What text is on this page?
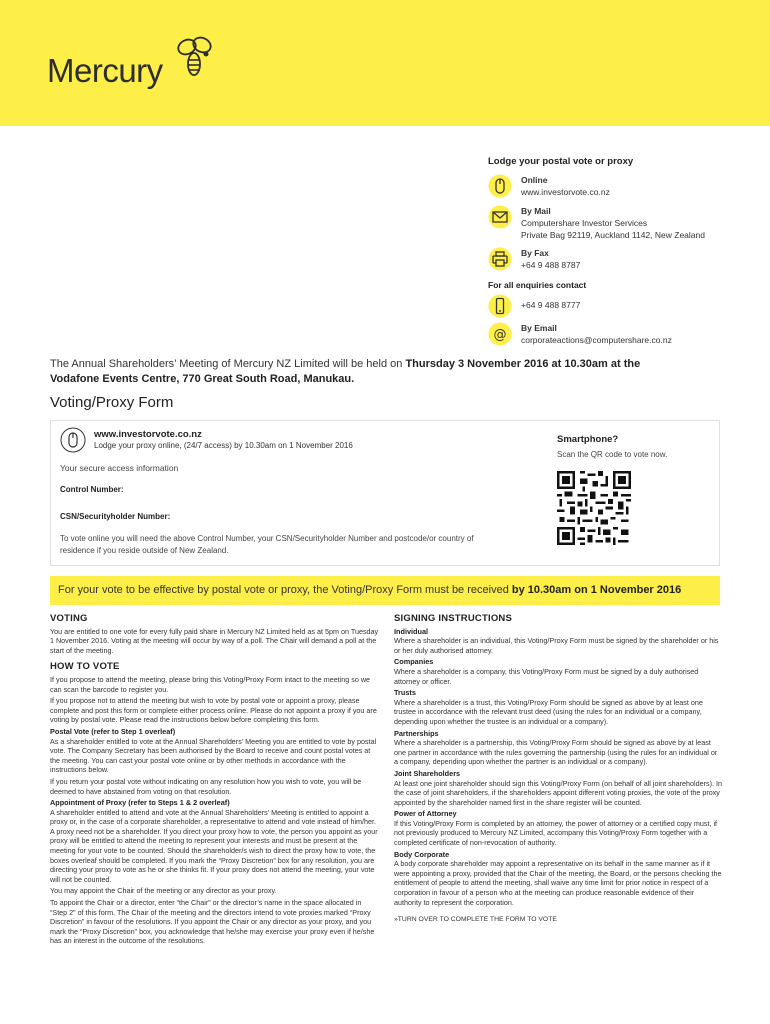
Mercury
Lodge your postal vote or proxy
Online
www.investorvote.co.nz
By Mail
Computershare Investor Services
Private Bag 92119, Auckland 1142, New Zealand
By Fax
+64 9 488 8787
For all enquiries contact
+64 9 488 8777
@ By Email
corporateactions@computershare.co.nz
The Annual Shareholders’ Meeting of Mercury NZ Limited will be held on Thursday 3 November 2016 at 10.30am at the Vodafone Events Centre, 770 Great South Road, Manukau.
Voting/Proxy Form
www.investorvote.co.nz
Lodge your proxy online, (24/7 access) by 10.30am on 1 November 2016
Your secure access information
Control Number:
CSN/Securityholder Number:
To vote online you will need the above Control Number, your CSN/Securityholder Number and postcode/or country of residence if you reside outside of New Zealand.
Smartphone?
Scan the QR code to vote now.
For your vote to be effective by postal vote or proxy, the Voting/Proxy Form must be received by 10.30am on 1 November 2016
VOTING

You are entitled to one vote for every fully paid share in Mercury NZ Limited held as at 5pm on Tuesday 1 November 2016. Voting at the meeting will occur by way of a poll. The Chair will demand a poll at the start of the meeting.

HOW TO VOTE

If you propose to attend the meeting, please bring this Voting/Proxy Form intact to the meeting so we can scan the barcode to register you.

If you propose not to attend the meeting but wish to vote by postal vote or appoint a proxy, please complete and post this form or complete either process online. Please do not appoint a proxy if you are voting by postal vote. Please read the instructions below before completing this form.

Postal Vote (refer to Step 1 overleaf)

As a shareholder entitled to vote at the Annual Shareholders’ Meeting you are entitled to vote by postal vote. The Company Secretary has been authorised by the Board to receive and count postal votes at the meeting. You can cast your postal vote online or by other methods in accordance with the instructions below.

If you return your postal vote without indicating on any resolution how you wish to vote, you will be deemed to have abstained from voting on that resolution.

Appointment of Proxy (refer to Steps 1 & 2 overleaf)

A shareholder entitled to attend and vote at the Annual Shareholders’ Meeting is entitled to appoint a proxy or, in the case of a corporate shareholder, a representative to attend and vote instead of him/her. A proxy need not be a shareholder. If you direct your proxy how to vote, the person you appoint as your proxy will be entitled to attend the meeting to represent your interests and must be present at the meeting for your vote to be counted. Should the shareholder/s wish to direct the proxy how to vote, the boxes overleaf should be completed. If you mark the “Proxy Discretion” box for any resolution, you are directing your proxy to vote as he or she thinks fit. If your proxy does not attend the meeting, your vote will not be counted.

You may appoint the Chair of the meeting or any director as your proxy.

To appoint the Chair or a director, enter “the Chair” or the director’s name in the space allocated in “Step 2” of this form. The Chair of the meeting and the directors intend to vote proxies marked “Proxy Discretion” in favour of the resolutions. If you appoint the Chair or any director as your proxy, and you mark the “Proxy Discretion” box, you acknowledge that he/she may exercise your proxy even if he/she has an interest in the outcome of the resolutions.

SIGNING INSTRUCTIONS
Individual

Where a shareholder is an individual, this Voting/Proxy Form must be signed by the shareholder or his or her duly authorised attorney.

Companies

Where a shareholder is a company, this Voting/Proxy Form must be signed by a duly authorised attorney or officer.

Trusts

Where a shareholder is a trust, this Voting/Proxy Form should be signed as above by at least one trustee in accordance with the relevant trust deed (using the rules for an individual or a company, depending upon whether the trustee is an individual or a company).

Partnerships

Where a shareholder is a partnership, this Voting/Proxy Form should be signed as above by at least one partner in accordance with the rules governing the partnership (using the rules for an individual or a company, depending upon whether the partner is an individual or a company).

Joint Shareholders

At least one joint shareholder should sign this Voting/Proxy Form (on behalf of all joint shareholders). In the case of joint shareholders, if the shareholders appoint different voting proxies, the vote of the proxy appointed by the shareholder named first in the share register will be counted.

Power of Attorney

If this Voting/Proxy Form is completed by an attorney, the power of attorney or a certified copy must, if not previously produced to Mercury NZ Limited, accompany this Voting/Proxy Form together with a completed certificate of non-revocation of authority.

Body Corporate

A body corporate shareholder may appoint a representative on its behalf in the same manner as if it were appointing a proxy, provided that the Chair of the meeting, the Board, or the persons checking the entitlement of people to attend the meeting, shall waive any time limit for prior notice in respect of a corporation in favour of a person who at the meeting can produce reasonable evidence of their authority to represent the corporation.

»TURN OVER TO COMPLETE THE FORM TO VOTE
